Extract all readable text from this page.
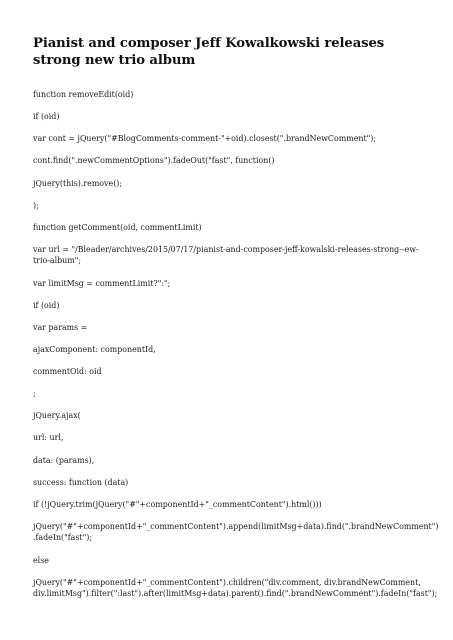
Pianist and composer Jeff Kowalkowski releases strong new trio album

function removeEdit(oid)

if (oid)

var cont = jQuery("#BlogComments-comment-"+oid).closest(".brandNewComment");

cont.find(".newCommentOptions").fadeOut("fast", function()

jQuery(this).remove();

);

function getComment(oid, commentLimit)

var url = "/Bleader/archives/2015/07/17/pianist-and-composer-jeff-kowalski-releases-strong--ew-trio-album";

var limitMsg = commentLimit?":";

if (oid)

var params =

ajaxComponent: componentId,

commentOid: oid

;

jQuery.ajax(

url: url,

data: (params),

success: function (data)

if (!jQuery.trim(jQuery("#"+componentId+"_commentContent").html()))

jQuery("#"+componentId+"_commentContent").append(limitMsg+data).find(".brandNewComment") .fadeIn("fast");

else

jQuery("#"+componentId+"_commentContent").children("div.comment, div.brandNewComment, div.limitMsg").filter(":last").after(limitMsg+data).parent().find(".brandNewComment").fadeIn("fast");
